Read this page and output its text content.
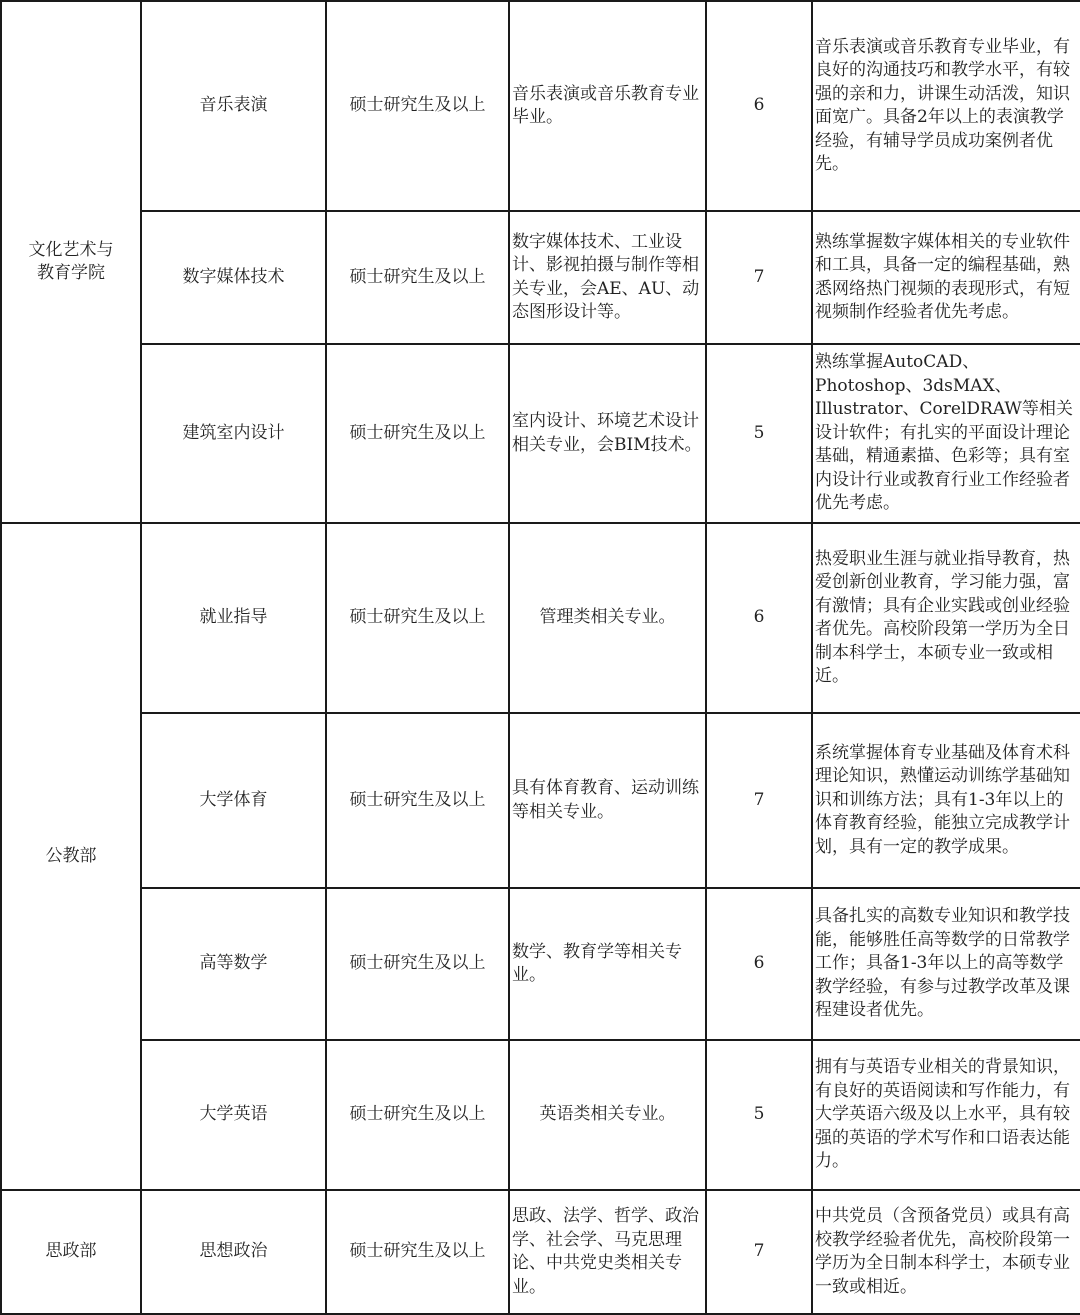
文化艺术与
教育学院	音乐表演	硕士研究生及以上	音乐表演或音乐教育专业毕业。	6	音乐表演或音乐教育专业毕业，有良好的沟通技巧和教学水平，有较强的亲和力，讲课生动活泼，知识面宽广。具备2年以上的表演教学经验，有辅导学员成功案例者优先。
	数字媒体技术	硕士研究生及以上	数字媒体技术、工业设计、影视拍摄与制作等相关专业，会AE、AU、动态图形设计等。	7	熟练掌握数字媒体相关的专业软件和工具，具备一定的编程基础，熟悉网络热门视频的表现形式，有短视频制作经验者优先考虑。
	建筑室内设计	硕士研究生及以上	室内设计、环境艺术设计相关专业，会BIM技术。	5	熟练掌握AutoCAD、Photoshop、3dsMAX、Illustrator、CorelDRAW等相关设计软件；有扎实的平面设计理论基础，精通素描、色彩等；具有室内设计行业或教育行业工作经验者优先考虑。
公教部	就业指导	硕士研究生及以上	管理类相关专业。	6	热爱职业生涯与就业指导教育，热爱创新创业教育，学习能力强，富有激情；具有企业实践或创业经验者优先。高校阶段第一学历为全日制本科学士，本硕专业一致或相近。
	大学体育	硕士研究生及以上	具有体育教育、运动训练等相关专业。	7	系统掌握体育专业基础及体育术科理论知识，熟懂运动训练学基础知识和训练方法；具有1-3年以上的体育教育经验，能独立完成教学计划，具有一定的教学成果。
	高等数学	硕士研究生及以上	数学、教育学等相关专业。	6	具备扎实的高数专业知识和教学技能，能够胜任高等数学的日常教学工作；具备1-3年以上的高等数学教学经验，有参与过教学改革及课程建设者优先。
	大学英语	硕士研究生及以上	英语类相关专业。	5	拥有与英语专业相关的背景知识，有良好的英语阅读和写作能力，有大学英语六级及以上水平，具有较强的英语的学术写作和口语表达能力。
思政部	思想政治	硕士研究生及以上	思政、法学、哲学、政治学、社会学、马克思理论、中共党史类相关专业。	7	中共党员（含预备党员）或具有高校教学经验者优先，高校阶段第一学历为全日制本科学士，本硕专业一致或相近。
